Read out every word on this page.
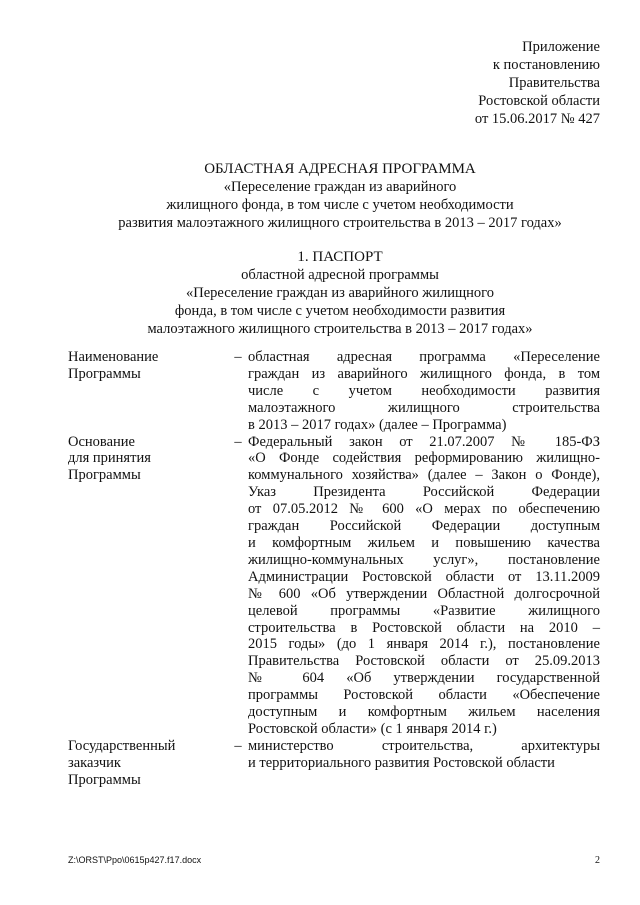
Приложение
к постановлению
Правительства
Ростовской области
от 15.06.2017 № 427
ОБЛАСТНАЯ АДРЕСНАЯ ПРОГРАММА
«Переселение граждан из аварийного
жилищного фонда, в том числе с учетом необходимости
развития малоэтажного жилищного строительства в 2013 – 2017 годах»
1. ПАСПОРТ
областной адресной программы
«Переселение граждан из аварийного жилищного
фонда, в том числе с учетом необходимости развития
малоэтажного жилищного строительства в 2013 – 2017 годах»
Наименование
Программы
– областная адресная программа «Переселение
граждан из аварийного жилищного фонда, в том
числе с учетом необходимости развития
малоэтажного жилищного строительства
в 2013 – 2017 годах» (далее – Программа)
Основание
для принятия
Программы
– Федеральный закон от 21.07.2007 № 185-ФЗ
«О Фонде содействия реформированию жилищно-
коммунального хозяйства» (далее – Закон о Фонде),
Указ Президента Российской Федерации
от 07.05.2012 № 600 «О мерах по обеспечению
граждан Российской Федерации доступным
и комфортным жильем и повышению качества
жилищно-коммунальных услуг», постановление
Администрации Ростовской области от 13.11.2009
№ 600 «Об утверждении Областной долгосрочной
целевой программы «Развитие жилищного
строительства в Ростовской области на 2010 –
2015 годы» (до 1 января 2014 г.), постановление
Правительства Ростовской области от 25.09.2013
№ 604 «Об утверждении государственной
программы Ростовской области «Обеспечение
доступным и комфортным жильем населения
Ростовской области» (с 1 января 2014 г.)
Государственный
заказчик
Программы
– министерство строительства, архитектуры
и территориального развития Ростовской области
Z:\ORST\Ppo\0615p427.f17.docx	2
